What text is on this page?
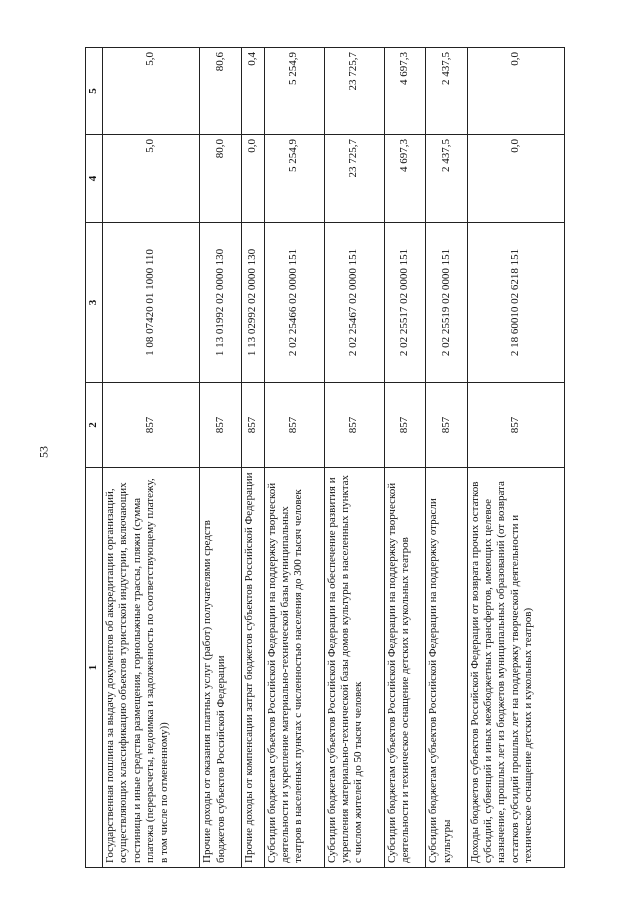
53
1	2	3	4	5
Государственная пошлина за выдачу документов об аккредитации организаций, осуществляющих классификацию объектов туристской индустрии, включающих гостиницы и иные средства размещения, горнолыжные трассы, пляжи (сумма платежа (перерасчеты, недоимка и задолженность по соответствующему платежу, в том числе по отмененному))	857	1 08 07420 01 1000 110	5,0	5,0
Прочие доходы от оказания платных услуг (работ) получателями средств бюджетов субъектов Российской Федерации	857	1 13 01992 02 0000 130	80,0	80,6
Прочие доходы от компенсации затрат бюджетов субъектов Российской Федерации	857	1 13 02992 02 0000 130	0,0	0,4
Субсидии бюджетам субъектов Российской Федерации на поддержку творческой деятельности и укрепление материально-технической базы муниципальных театров в населенных пунктах с численностью населения до 300 тысяч человек	857	2 02 25466 02 0000 151	5 254,9	5 254,9
Субсидии бюджетам субъектов Российской Федерации на обеспечение развития и укрепления материально-технической базы домов культуры в населенных пунктах с числом жителей до 50 тысяч человек	857	2 02 25467 02 0000 151	23 725,7	23 725,7
Субсидии бюджетам субъектов Российской Федерации на поддержку творческой деятельности и техническое оснащение детских и кукольных театров	857	2 02 25517 02 0000 151	4 697,3	4 697,3
Субсидии бюджетам субъектов Российской Федерации на поддержку отрасли культуры	857	2 02 25519 02 0000 151	2 437,5	2 437,5
Доходы бюджетов субъектов Российской Федерации от возврата прочих остатков субсидий, субвенций и иных межбюджетных трансфертов, имеющих целевое назначение, прошлых лет из бюджетов муниципальных образований (от возврата остатков субсидий прошлых лет на поддержку творческой деятельности и техническое оснащение детских и кукольных театров)	857	2 18 60010 02 6218 151	0,0	0,0
